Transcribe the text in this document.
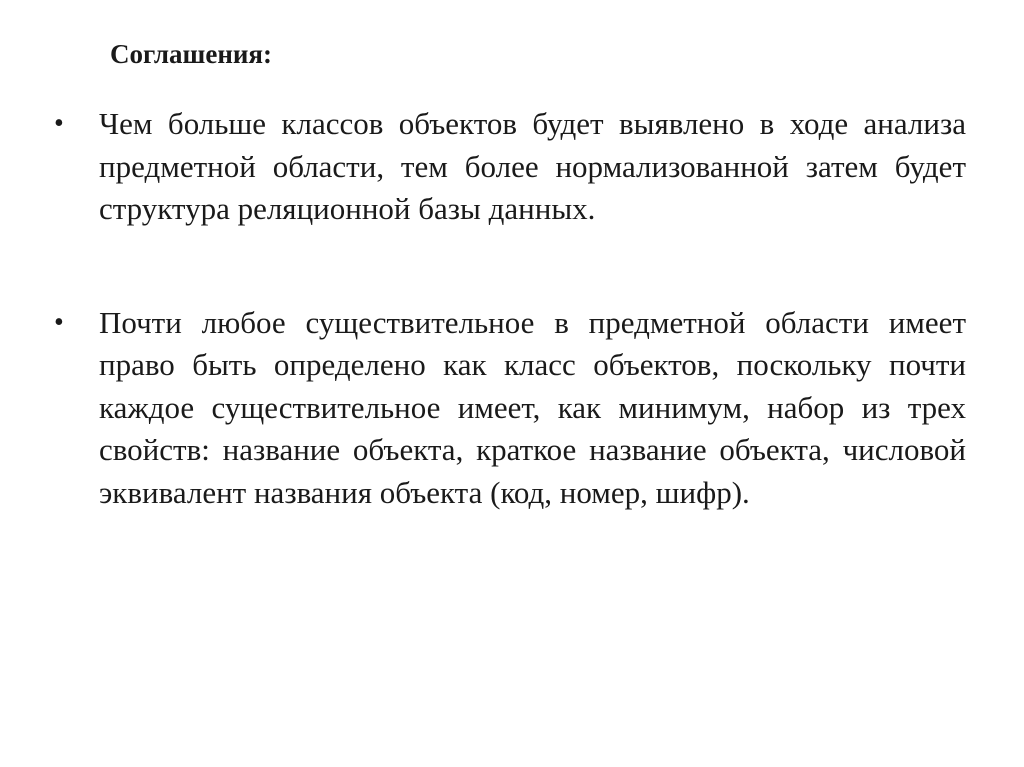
Соглашения:
•	Чем больше классов объектов будет выявлено в ходе анализа предметной области, тем более нормализованной затем будет структура реляционной базы данных.
•	Почти любое существительное в предметной области имеет право быть определено как класс объектов, поскольку почти каждое существительное имеет, как минимум, набор из трех свойств: название объекта, краткое название объекта, числовой эквивалент названия объекта (код, номер, шифр).
